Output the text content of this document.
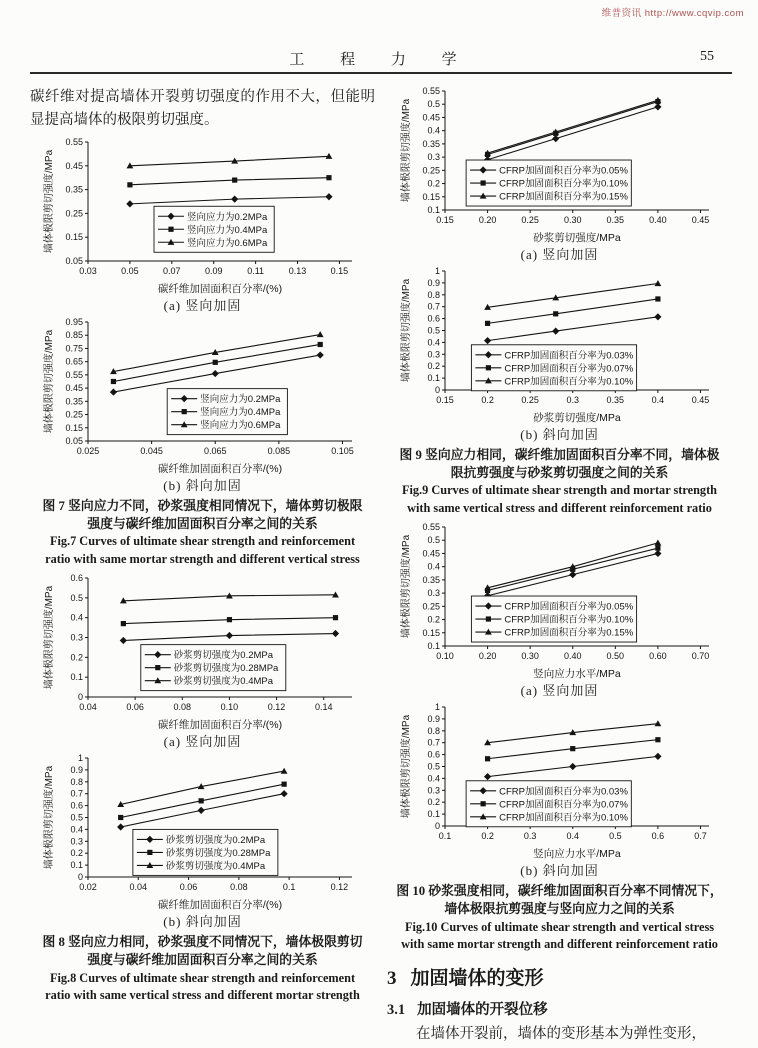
维普资讯 http://www.cqvip.com
工 程 力 学	55

碳纤维对提高墙体开裂剪切强度的作用不大，但能明显提高墙体的极限剪切强度。

0.05
0.15
0.25
0.35
0.45
0.55
0.03	0.05	0.07	0.09	0.11	0.13	0.15
碳纤维加固面积百分率/(%)
墙体极限剪切强度/MPa	竖向应力为0.2MPa
竖向应力为0.4MPa
竖向应力为0.6MPa
(a) 竖向加固
0.05
0.15
0.25
0.35
0.45
0.55
0.65
0.75
0.85
0.95
0.025	0.045	0.065	0.085	0.105
碳纤维加固面积百分率/(%)
墙体极限剪切强度/MPa	竖向应力为0.2MPa
竖向应力为0.4MPa
竖向应力为0.6MPa
(b) 斜向加固
图 7 竖向应力不同，砂浆强度相同情况下，墙体剪切极限
强度与碳纤维加固面积百分率之间的关系
Fig.7 Curves of ultimate shear strength and reinforcement
ratio with same mortar strength and different vertical stress
0
0.1
0.2
0.3
0.4
0.5
0.6
0.04	0.06	0.08	0.10	0.12	0.14
碳纤维加固面积百分率/(%)
墙体极限剪切强度/MPa	砂浆剪切强度为0.2MPa
砂浆剪切强度为0.28MPa
砂浆剪切强度为0.4MPa
(a) 竖向加固
0
0.1
0.2
0.3
0.4
0.5
0.6
0.7
0.8
0.9
1
0.02	0.04	0.06	0.08	0.1	0.12
碳纤维加固面积百分率/(%)
墙体极限剪切强度/MPa	砂浆剪切强度为0.2MPa
砂浆剪切强度为0.28MPa
砂浆剪切强度为0.4MPa
(b) 斜向加固
图 8 竖向应力相同，砂浆强度不同情况下，墙体极限剪切
强度与碳纤维加固面积百分率之间的关系
Fig.8 Curves of ultimate shear strength and reinforcement
ratio with same vertical stress and different mortar strength
0.1
0.15
0.2
0.25
0.3
0.35
0.4
0.45
0.5
0.55
0.15	0.20	0.25	0.30	0.35	0.40	0.45
砂浆剪切强度/MPa
墙体极限剪切强度/MPa	CFRP加固面积百分率为0.05%
CFRP加固面积百分率为0.10%
CFRP加固面积百分率为0.15%
(a) 竖向加固
0
0.1
0.2
0.3
0.4
0.5
0.6
0.7
0.8
0.9
1
0.15	0.2	0.25	0.3	0.35	0.4	0.45
砂浆剪切强度/MPa
墙体极限剪切强度/MPa	CFRP加固面积百分率为0.03%
CFRP加固面积百分率为0.07%
CFRP加固面积百分率为0.10%
(b) 斜向加固
图 9 竖向应力相同，碳纤维加固面积百分率不同，墙体极
限抗剪强度与砂浆剪切强度之间的关系
Fig.9 Curves of ultimate shear strength and mortar strength
with same vertical stress and different reinforcement ratio
0.1
0.15
0.2
0.25
0.3
0.35
0.4
0.45
0.5
0.55
0.10	0.20	0.30	0.40	0.50	0.60	0.70
竖向应力水平/MPa
墙体极限剪切强度/MPa	CFRP加固面积百分率为0.05%
CFRP加固面积百分率为0.10%
CFRP加固面积百分率为0.15%
(a) 竖向加固
0
0.1
0.2
0.3
0.4
0.5
0.6
0.7
0.8
0.9
1
0.1	0.2	0.3	0.4	0.5	0.6	0.7
竖向应力水平/MPa
墙体极限剪切强度/MPa	CFRP加固面积百分率为0.03%
CFRP加固面积百分率为0.07%
CFRP加固面积百分率为0.10%
(b) 斜向加固
图 10 砂浆强度相同，碳纤维加固面积百分率不同情况下，
墙体极限抗剪强度与竖向应力之间的关系
Fig.10 Curves of ultimate shear strength and vertical stress
with same mortar strength and different reinforcement ratio
3 加固墙体的变形
3.1 加固墙体的开裂位移

在墙体开裂前，墙体的变形基本为弹性变形，
